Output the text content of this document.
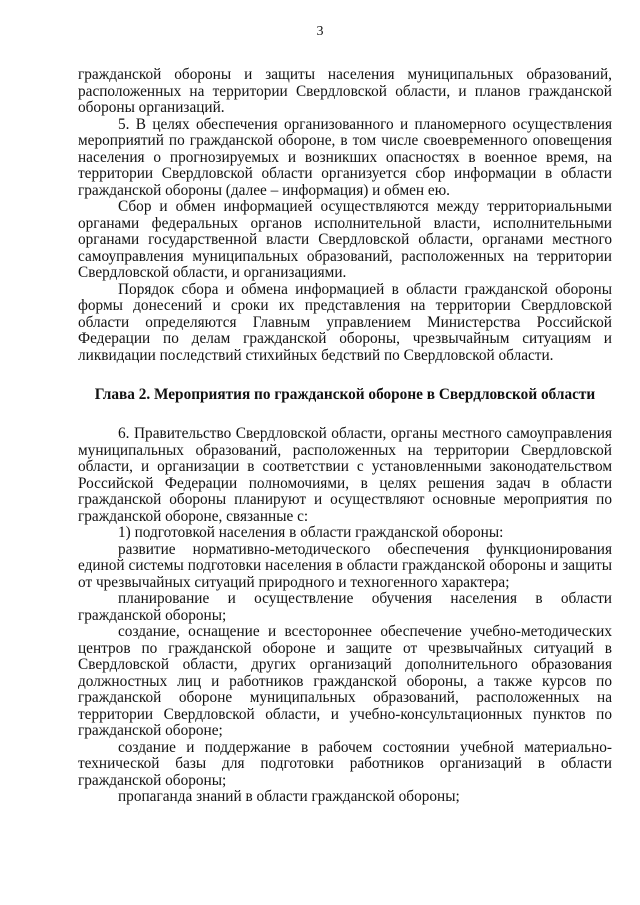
3

гражданской обороны и защиты населения муниципальных образований, расположенных на территории Свердловской области, и планов гражданской обороны организаций.

5. В целях обеспечения организованного и планомерного осуществления мероприятий по гражданской обороне, в том числе своевременного оповещения населения о прогнозируемых и возникших опасностях в военное время, на территории Свердловской области организуется сбор информации в области гражданской обороны (далее – информация) и обмен ею.

Сбор и обмен информацией осуществляются между территориальными органами федеральных органов исполнительной власти, исполнительными органами государственной власти Свердловской области, органами местного самоуправления муниципальных образований, расположенных на территории Свердловской области, и организациями.

Порядок сбора и обмена информацией в области гражданской обороны формы донесений и сроки их представления на территории Свердловской области определяются Главным управлением Министерства Российской Федерации по делам гражданской обороны, чрезвычайным ситуациям и ликвидации последствий стихийных бедствий по Свердловской области.

Глава 2. Мероприятия по гражданской обороне в Свердловской области

6. Правительство Свердловской области, органы местного самоуправления муниципальных образований, расположенных на территории Свердловской области, и организации в соответствии с установленными законодательством Российской Федерации полномочиями, в целях решения задач в области гражданской обороны планируют и осуществляют основные мероприятия по гражданской обороне, связанные с:

1) подготовкой населения в области гражданской обороны:

развитие нормативно-методического обеспечения функционирования единой системы подготовки населения в области гражданской обороны и защиты от чрезвычайных ситуаций природного и техногенного характера;

планирование и осуществление обучения населения в области гражданской обороны;

создание, оснащение и всестороннее обеспечение учебно-методических центров по гражданской обороне и защите от чрезвычайных ситуаций в Свердловской области, других организаций дополнительного образования должностных лиц и работников гражданской обороны, а также курсов по гражданской обороне муниципальных образований, расположенных на территории Свердловской области, и учебно-консультационных пунктов по гражданской обороне;

создание и поддержание в рабочем состоянии учебной материально-технической базы для подготовки работников организаций в области гражданской обороны;

пропаганда знаний в области гражданской обороны;
